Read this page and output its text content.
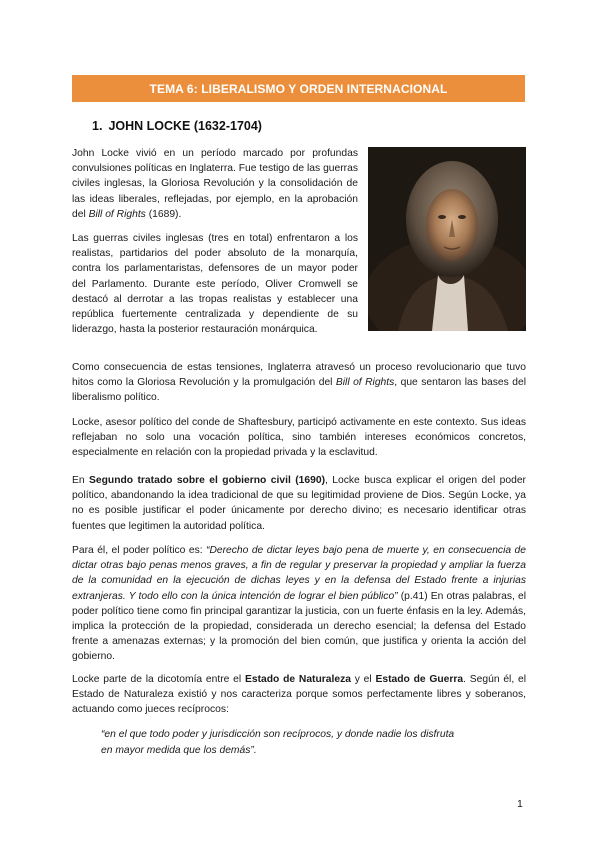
TEMA 6: LIBERALISMO Y ORDEN INTERNACIONAL
1. JOHN LOCKE (1632-1704)

John Locke vivió en un período marcado por profundas convulsiones políticas en Inglaterra. Fue testigo de las guerras civiles inglesas, la Gloriosa Revolución y la consolidación de las ideas liberales, reflejadas, por ejemplo, en la aprobación del Bill of Rights (1689).

Las guerras civiles inglesas (tres en total) enfrentaron a los realistas, partidarios del poder absoluto de la monarquía, contra los parlamentaristas, defensores de un mayor poder del Parlamento. Durante este período, Oliver Cromwell se destacó al derrotar a las tropas realistas y establecer una república fuertemente centralizada y dependiente de su liderazgo, hasta la posterior restauración monárquica.

Como consecuencia de estas tensiones, Inglaterra atravesó un proceso revolucionario que tuvo hitos como la Gloriosa Revolución y la promulgación del Bill of Rights, que sentaron las bases del liberalismo político.

Locke, asesor político del conde de Shaftesbury, participó activamente en este contexto. Sus ideas reflejaban no solo una vocación política, sino también intereses económicos concretos, especialmente en relación con la propiedad privada y la esclavitud.

En Segundo tratado sobre el gobierno civil (1690), Locke busca explicar el origen del poder político, abandonando la idea tradicional de que su legitimidad proviene de Dios. Según Locke, ya no es posible justificar el poder únicamente por derecho divino; es necesario identificar otras fuentes que legitimen la autoridad política.

Para él, el poder político es: “Derecho de dictar leyes bajo pena de muerte y, en consecuencia de dictar otras bajo penas menos graves, a fin de regular y preservar la propiedad y ampliar la fuerza de la comunidad en la ejecución de dichas leyes y en la defensa del Estado frente a injurias extranjeras. Y todo ello con la única intención de lograr el bien público” (p.41) En otras palabras, el poder político tiene como fin principal garantizar la justicia, con un fuerte énfasis en la ley. Además, implica la protección de la propiedad, considerada un derecho esencial; la defensa del Estado frente a amenazas externas; y la promoción del bien común, que justifica y orienta la acción del gobierno.

Locke parte de la dicotomía entre el Estado de Naturaleza y el Estado de Guerra. Según él, el Estado de Naturaleza existió y nos caracteriza porque somos perfectamente libres y soberanos, actuando como jueces recíprocos:

“en el que todo poder y jurisdicción son recíprocos, y donde nadie los disfruta
en mayor medida que los demás”.
1
